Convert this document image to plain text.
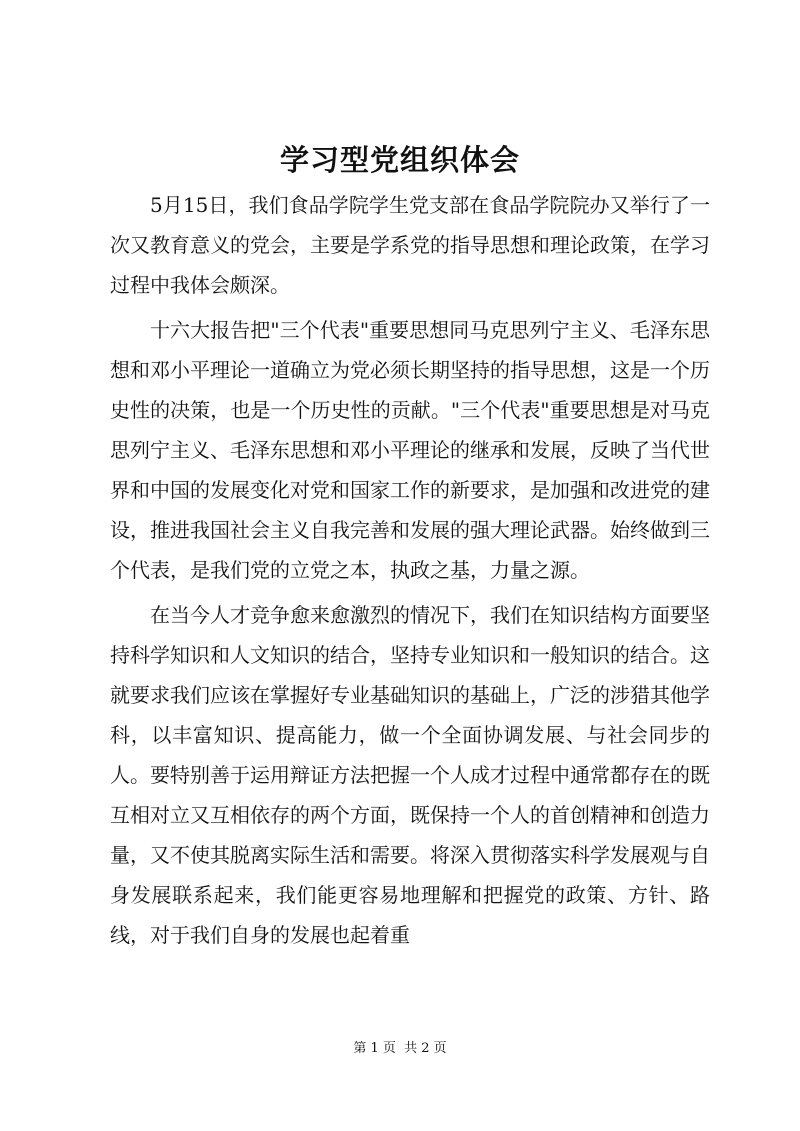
学习型党组织体会

5月15日，我们食品学院学生党支部在食品学院院办又举行了一次又教育意义的党会，主要是学系党的指导思想和理论政策，在学习过程中我体会颇深。

十六大报告把"三个代表"重要思想同马克思列宁主义、毛泽东思想和邓小平理论一道确立为党必须长期坚持的指导思想，这是一个历史性的决策，也是一个历史性的贡献。"三个代表"重要思想是对马克思列宁主义、毛泽东思想和邓小平理论的继承和发展，反映了当代世界和中国的发展变化对党和国家工作的新要求，是加强和改进党的建设，推进我国社会主义自我完善和发展的强大理论武器。始终做到三个代表，是我们党的立党之本，执政之基，力量之源。

在当今人才竞争愈来愈激烈的情况下，我们在知识结构方面要坚持科学知识和人文知识的结合，坚持专业知识和一般知识的结合。这就要求我们应该在掌握好专业基础知识的基础上，广泛的涉猎其他学科，以丰富知识、提高能力，做一个全面协调发展、与社会同步的人。要特别善于运用辩证方法把握一个人成才过程中通常都存在的既互相对立又互相依存的两个方面，既保持一个人的首创精神和创造力量，又不使其脱离实际生活和需要。将深入贯彻落实科学发展观与自身发展联系起来，我们能更容易地理解和把握党的政策、方针、路线，对于我们自身的发展也起着重

第 1 页 共 2 页
